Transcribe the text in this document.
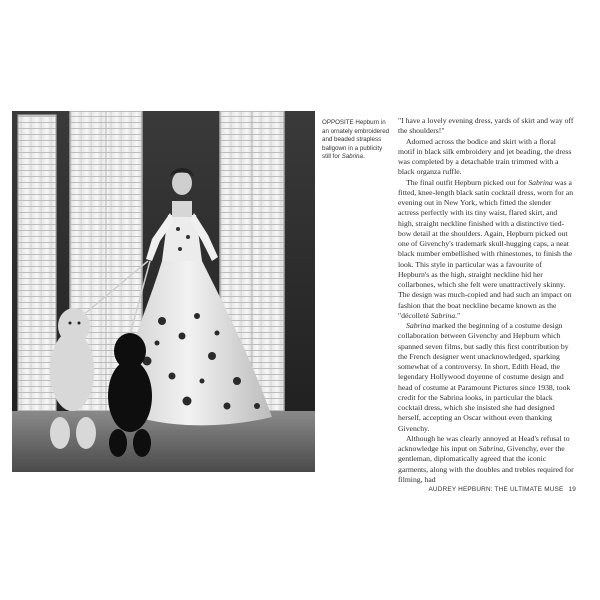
OPPOSITE Hepburn in an ornately embroidered and beaded strapless ballgown in a publicity still for Sabrina.

"I have a lovely evening dress, yards of skirt and way off the shoulders!"

Adorned across the bodice and skirt with a floral motif in black silk embroidery and jet beading, the dress was completed by a detachable train trimmed with a black organza ruffle.

The final outfit Hepburn picked out for Sabrina was a fitted, knee-length black satin cocktail dress, worn for an evening out in New York, which fitted the slender actress perfectly with its tiny waist, flared skirt, and high, straight neckline finished with a distinctive tied-bow detail at the shoulders. Again, Hepburn picked out one of Givenchy's trademark skull-hugging caps, a neat black number embellished with rhinestones, to finish the look. This style in particular was a favourite of Hepburn's as the high, straight neckline hid her collarbones, which she felt were unattractively skinny. The design was much-copied and had such an impact on fashion that the boat neckline became known as the "décolleté Sabrina."

Sabrina marked the beginning of a costume design collaboration between Givenchy and Hepburn which spanned seven films, but sadly this first contribution by the French designer went unacknowledged, sparking somewhat of a controversy. In short, Edith Head, the legendary Hollywood doyenne of costume design and head of costume at Paramount Pictures since 1938, took credit for the Sabrina looks, in particular the black cocktail dress, which she insisted she had designed herself, accepting an Oscar without even thanking Givenchy.

Although he was clearly annoyed at Head's refusal to acknowledge his input on Sabrina, Givenchy, ever the gentleman, diplomatically agreed that the iconic garments, along with the doubles and trebles required for filming, had

AUDREY HEPBURN: THE ULTIMATE MUSE 19
